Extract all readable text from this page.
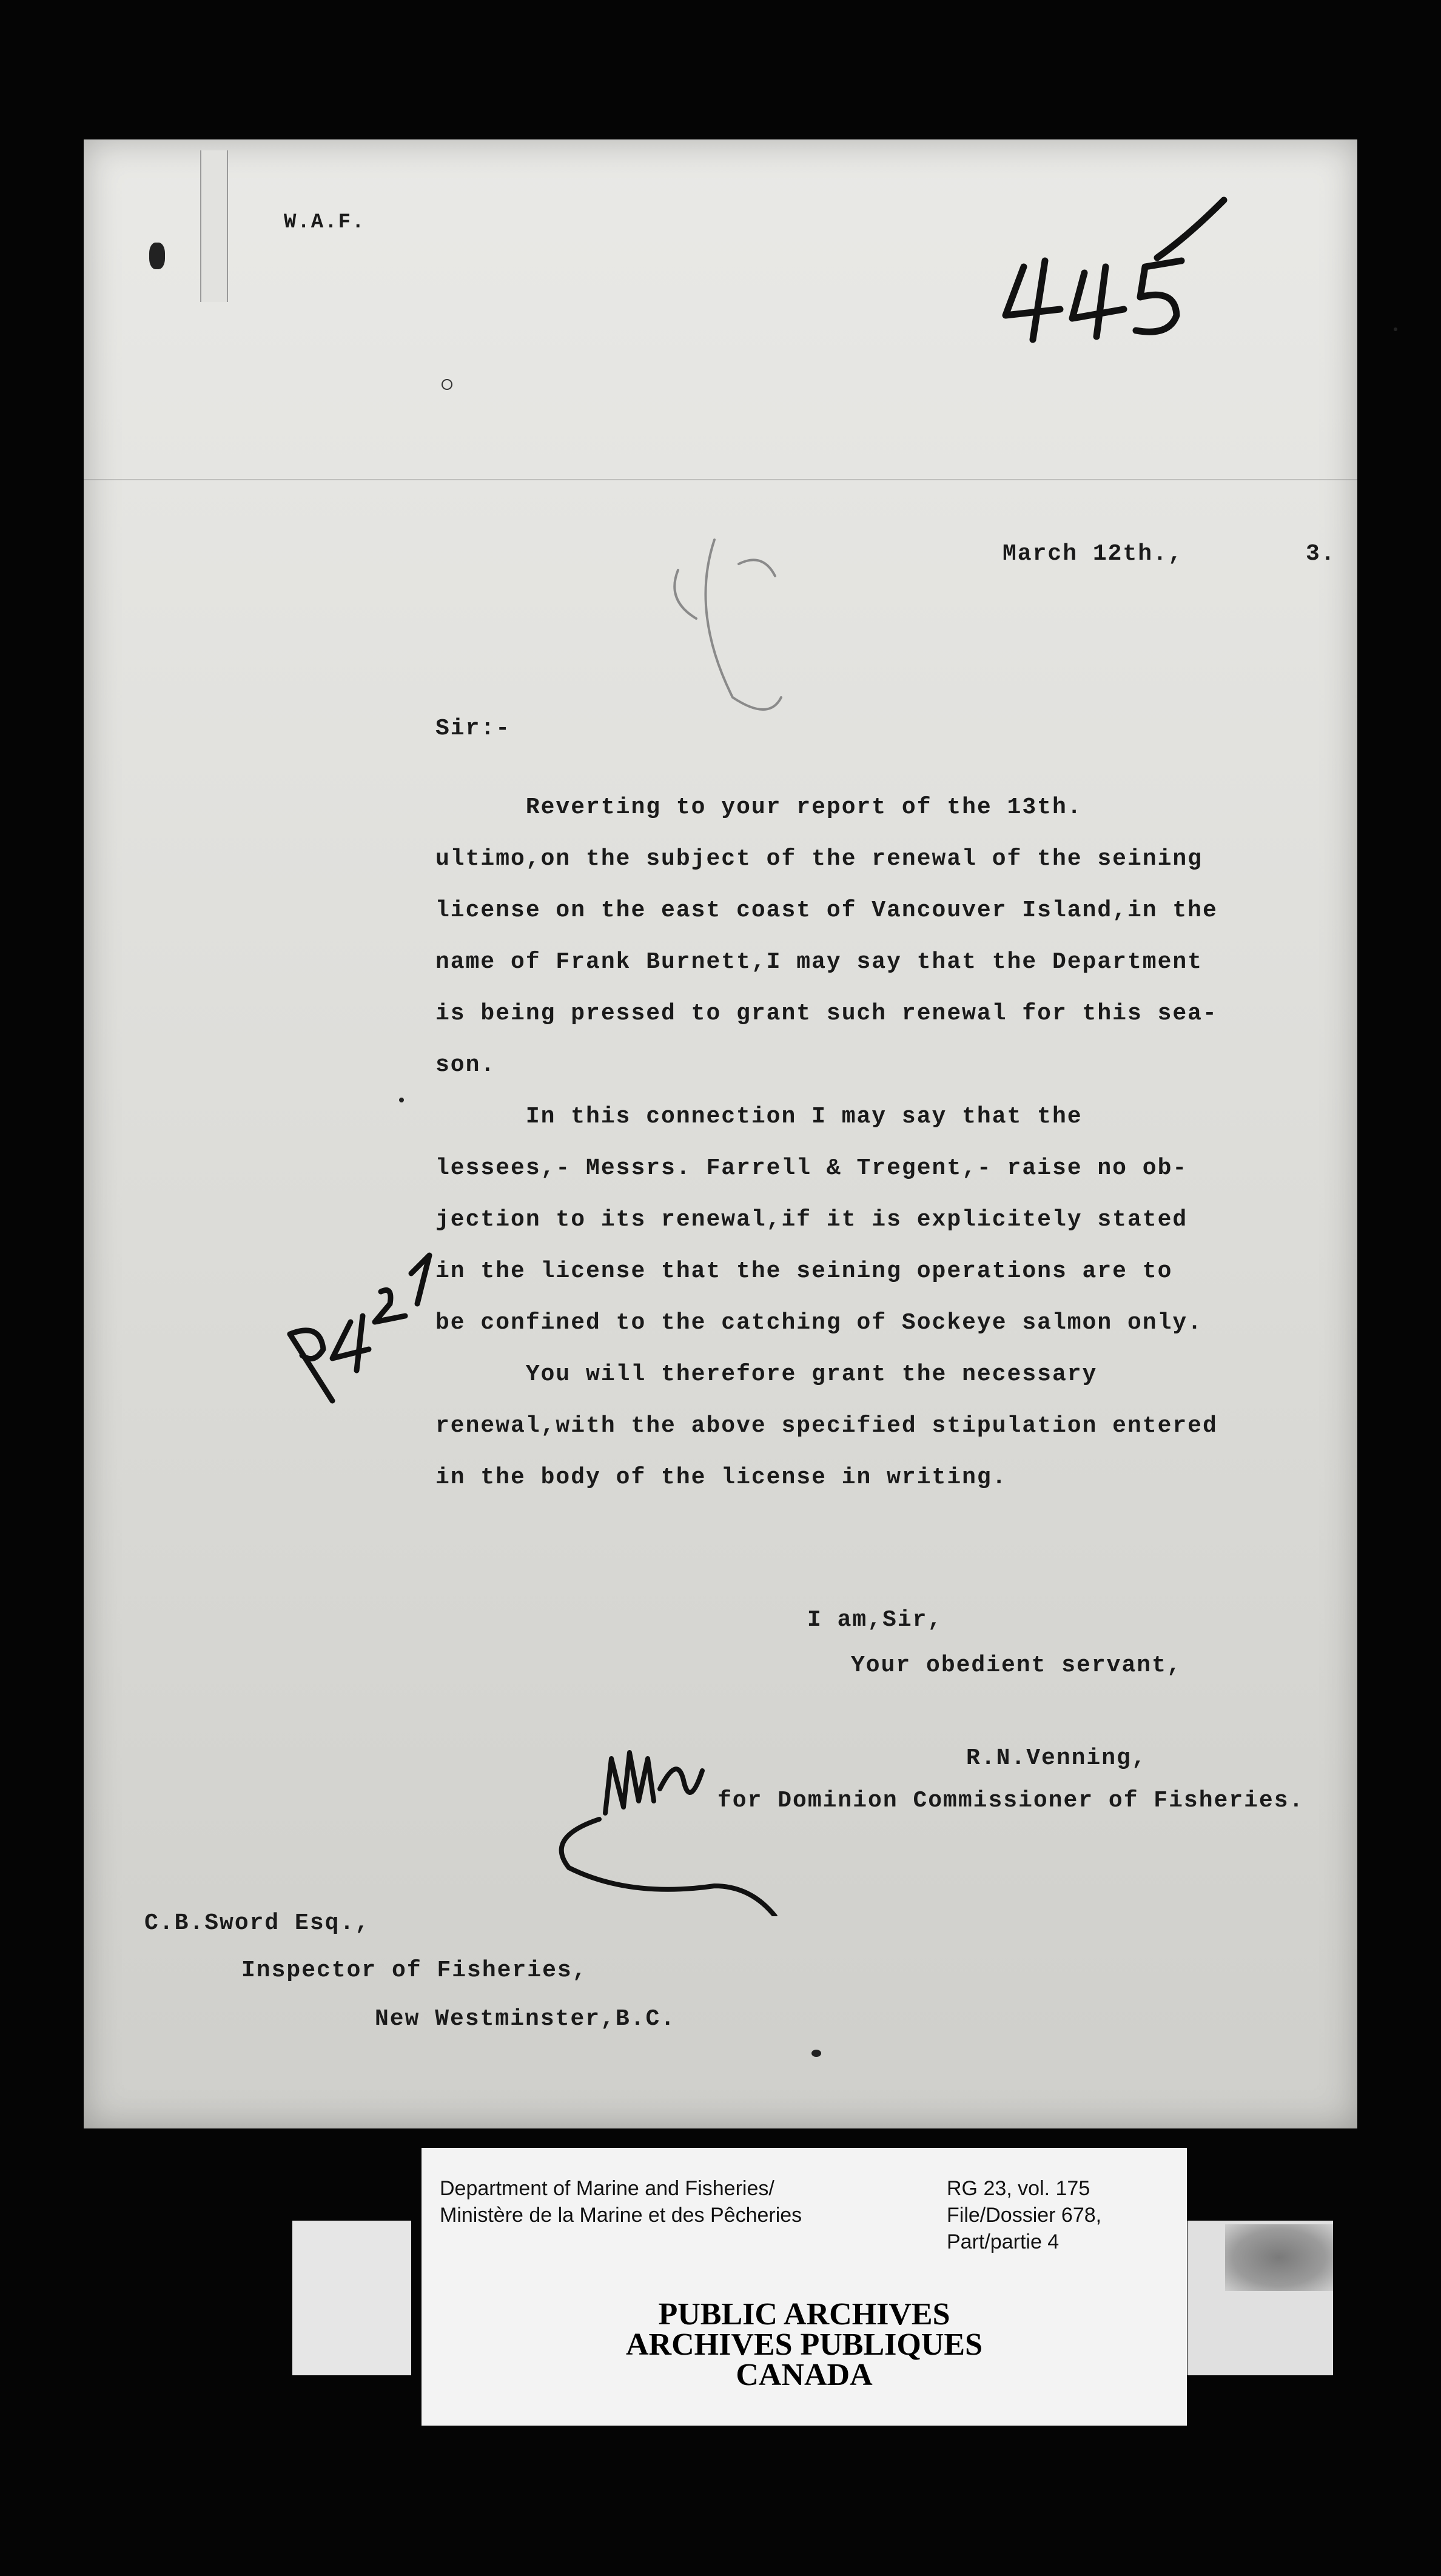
W.A.F.
March 12th.,	3.
Sir:-
Reverting to your report of the 13th.
ultimo,on the subject of the renewal of the seining
license on the east coast of Vancouver Island,in the
name of Frank Burnett,I may say that the Department
is being pressed to grant such renewal for this sea-
son.
In this connection I may say that the
lessees,- Messrs. Farrell & Tregent,- raise no ob-
jection to its renewal,if it is explicitely stated
in the license that the seining operations are to
be confined to the catching of Sockeye salmon only.
You will therefore grant the necessary
renewal,with the above specified stipulation entered
in the body of the license in writing.
I am,Sir,
Your obedient servant,
R.N.Venning,
for Dominion Commissioner of Fisheries.
C.B.Sword Esq.,
Inspector of Fisheries,
New Westminster,B.C.
Department of Marine and Fisheries/
Ministère de la Marine et des Pêcheries
RG 23, vol. 175
File/Dossier 678,
Part/partie 4
PUBLIC ARCHIVES
ARCHIVES PUBLIQUES
CANADA
